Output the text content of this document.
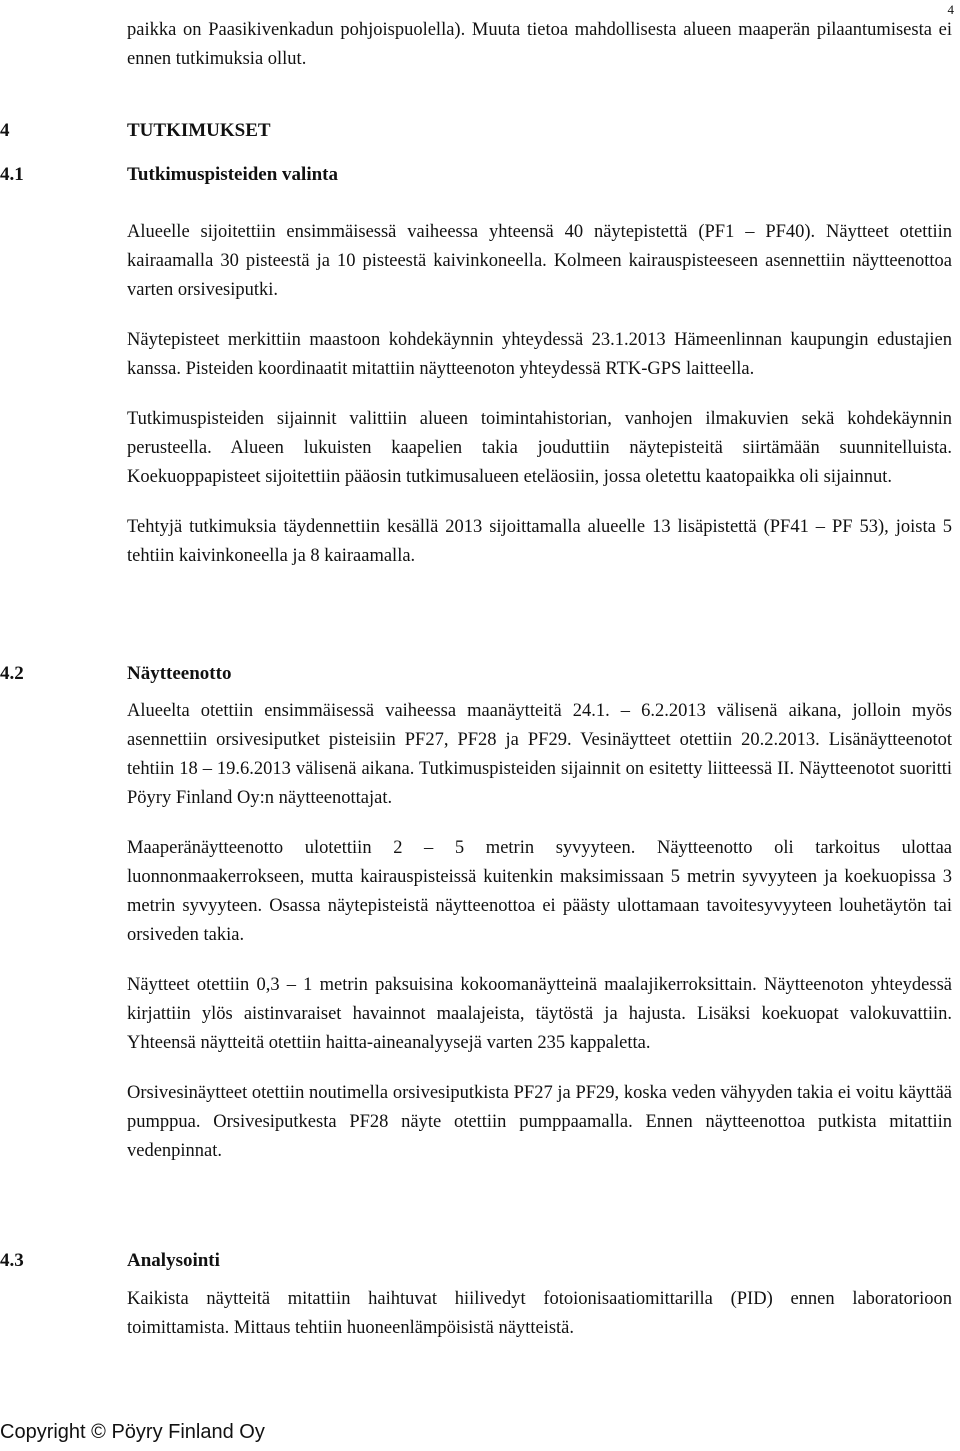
4

paikka on Paasikivenkadun pohjoispuolella). Muuta tietoa mahdollisesta alueen maaperän pilaantumisesta ei ennen tutkimuksia ollut.

4	TUTKIMUKSET
4.1	Tutkimuspisteiden valinta

Alueelle sijoitettiin ensimmäisessä vaiheessa yhteensä 40 näytepistettä (PF1 – PF40). Näytteet otettiin kairaamalla 30 pisteestä ja 10 pisteestä kaivinkoneella. Kolmeen kairauspisteeseen asennettiin näytteenottoa varten orsivesiputki.

Näytepisteet merkittiin maastoon kohdekäynnin yhteydessä 23.1.2013 Hämeenlinnan kaupungin edustajien kanssa. Pisteiden koordinaatit mitattiin näytteenoton yhteydessä RTK-GPS laitteella.

Tutkimuspisteiden sijainnit valittiin alueen toimintahistorian, vanhojen ilmakuvien sekä kohdekäynnin perusteella. Alueen lukuisten kaapelien takia jouduttiin näytepisteitä siirtämään suunnitelluista. Koekuoppapisteet sijoitettiin pääosin tutkimusalueen eteläosiin, jossa oletettu kaatopaikka oli sijainnut.

Tehtyjä tutkimuksia täydennettiin kesällä 2013 sijoittamalla alueelle 13 lisäpistettä (PF41 – PF 53), joista 5 tehtiin kaivinkoneella ja 8 kairaamalla.

4.2	Näytteenotto

Alueelta otettiin ensimmäisessä vaiheessa maanäytteitä 24.1. – 6.2.2013 välisenä aikana, jolloin myös asennettiin orsivesiputket pisteisiin PF27, PF28 ja PF29. Vesinäytteet otettiin 20.2.2013. Lisänäytteenotot tehtiin 18 – 19.6.2013 välisenä aikana. Tutkimuspisteiden sijainnit on esitetty liitteessä II. Näytteenotot suoritti Pöyry Finland Oy:n näytteenottajat.

Maaperänäytteenotto ulotettiin 2 – 5 metrin syvyyteen. Näytteenotto oli tarkoitus ulottaa luonnonmaakerrokseen, mutta kairauspisteissä kuitenkin maksimissaan 5 metrin syvyyteen ja koekuopissa 3 metrin syvyyteen. Osassa näytepisteistä näytteenottoa ei päästy ulottamaan tavoitesyvyyteen louhetäytön tai orsiveden takia.

Näytteet otettiin 0,3 – 1 metrin paksuisina kokoomanäytteinä maalajikerroksittain. Näytteenoton yhteydessä kirjattiin ylös aistinvaraiset havainnot maalajeista, täytöstä ja hajusta. Lisäksi koekuopat valokuvattiin. Yhteensä näytteitä otettiin haitta-aineanalyysejä varten 235 kappaletta.

Orsivesinäytteet otettiin noutimella orsivesiputkista PF27 ja PF29, koska veden vähyyden takia ei voitu käyttää pumppua. Orsivesiputkesta PF28 näyte otettiin pumppaamalla. Ennen näytteenottoa putkista mitattiin vedenpinnat.

4.3	Analysointi

Kaikista näytteitä mitattiin haihtuvat hiilivedyt fotoionisaatiomittarilla (PID) ennen laboratorioon toimittamista. Mittaus tehtiin huoneenlämpöisistä näytteistä.

Copyright © Pöyry Finland Oy
